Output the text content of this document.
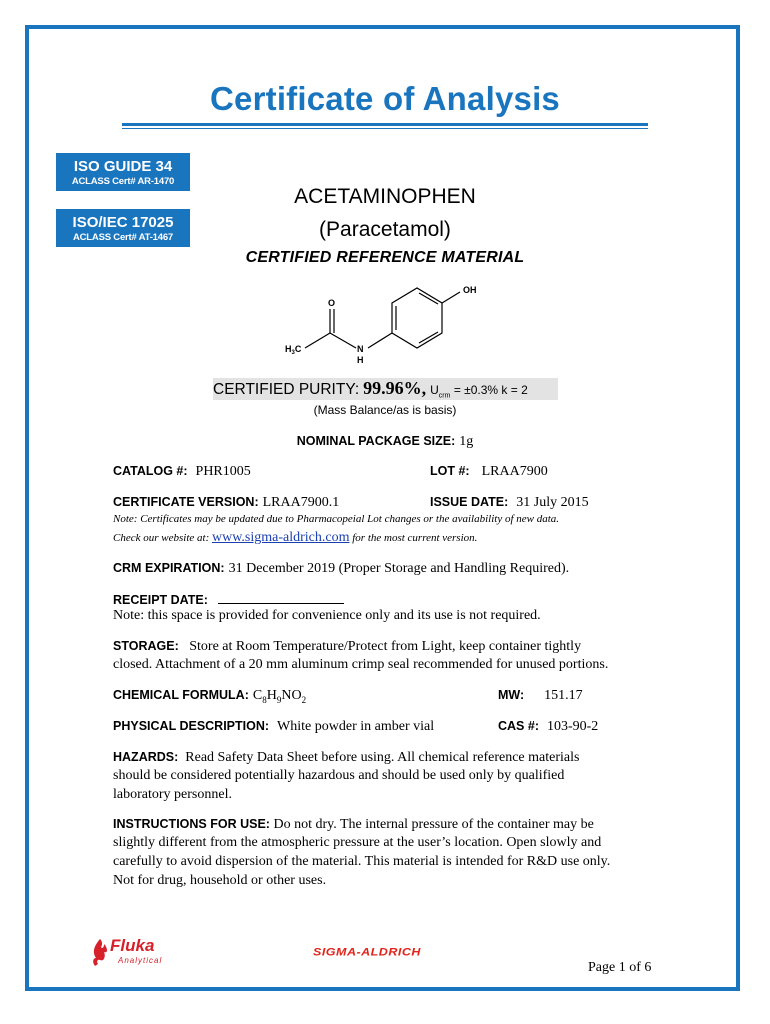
Certificate of Analysis
ISO GUIDE 34
ACLASS Cert# AR-1470
ISO/IEC 17025
ACLASS Cert# AT-1467
ACETAMINOPHEN
(Paracetamol)
CERTIFIED REFERENCE MATERIAL
OH
O
$H_3C$	N
H
CERTIFIED PURITY: 99.96%, $U_{crm} = \pm 0.3\%$ k = 2
(Mass Balance/as is basis)
NOMINAL PACKAGE SIZE: 1g
CATALOG #: PHR1005	LOT #: LRAA7900
CERTIFICATE VERSION: LRAA7900.1	ISSUE DATE: 31 July 2015
Note: Certificates may be updated due to Pharmacopeial Lot changes or the availability of new data.
Check our website at: www.sigma-aldrich.com for the most current version.
CRM EXPIRATION: 31 December 2019 (Proper Storage and Handling Required).
RECEIPT DATE:
Note: this space is provided for convenience only and its use is not required.
STORAGE: Store at Room Temperature/Protect from Light, keep container tightly
closed. Attachment of a 20 mm aluminum crimp seal recommended for unused portions.
CHEMICAL FORMULA: $C_8H_9NO_2$	MW: 151.17
PHYSICAL DESCRIPTION: White powder in amber vial	CAS #: 103-90-2
HAZARDS: Read Safety Data Sheet before using. All chemical reference materials
should be considered potentially hazardous and should be used only by qualified
laboratory personnel.
INSTRUCTIONS FOR USE: Do not dry. The internal pressure of the container may be
slightly different from the atmospheric pressure at the user’s location. Open slowly and
carefully to avoid dispersion of the material. This material is intended for R&D use only.
Not for drug, household or other uses.
Fluka
Analytical
SIGMA-ALDRICH
Page 1 of 6
